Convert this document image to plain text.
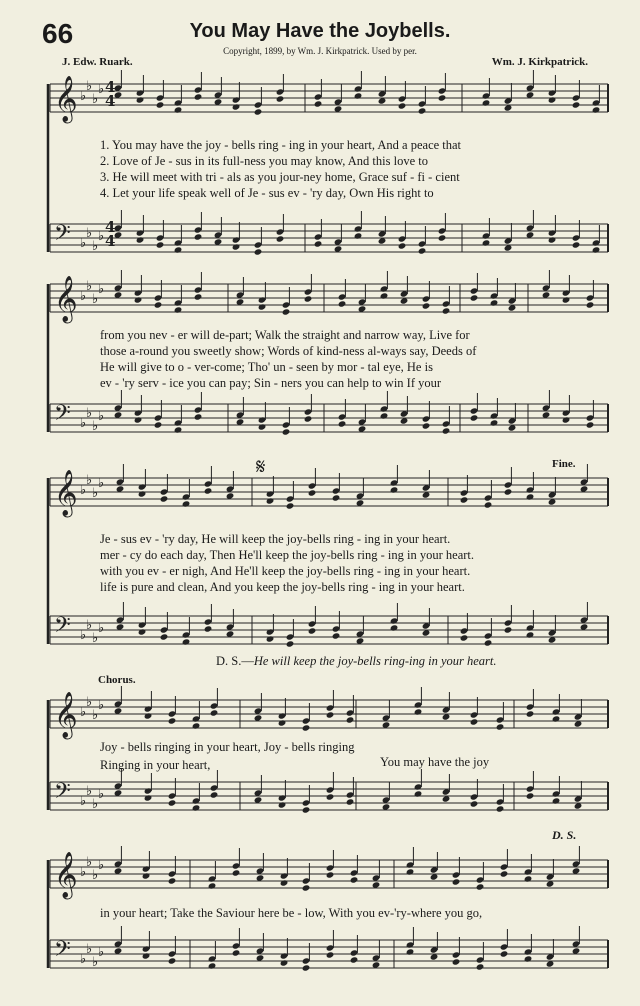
66	You May Have the Joybells.
Copyright, 1899, by Wm. J. Kirkpatrick. Used by per.
J. Edw. Ruark.	Wm. J. Kirkpatrick.
𝄞
𝄢
♭
♭
♭
♭
♭
♭
♭
♭
𝄞
𝄢
♭
♭
♭
♭
♭
♭
♭
♭
𝄞
𝄢
♭
♭
♭
♭
♭
♭
♭
♭
𝄞
𝄢
♭
♭
♭
♭
♭
♭
♭
♭
𝄞
𝄢
♭
♭
♭
♭
♭
♭
♭
♭
4
4
4
4
1. You may have the joy - bells ring - ing in your heart, And a peace that
2. Love of Je - sus in its full-ness you may know, And this love to
3. He will meet with tri - als as you jour-ney home, Grace suf - fi - cient
4. Let your life speak well of Je - sus ev - 'ry day, Own His right to
from you nev - er will de-part; Walk the straight and narrow way, Live for
those a-round you sweetly show; Words of kind-ness al-ways say, Deeds of
He will give to o - ver-come; Tho' un - seen by mor - tal eye, He is
ev - 'ry serv - ice you can pay; Sin - ners you can help to win If your
𝄋	Fine.
Je - sus ev - 'ry day, He will keep the joy-bells ring - ing in your heart.
mer - cy do each day, Then He'll keep the joy-bells ring - ing in your heart.
with you ev - er nigh, And He'll keep the joy-bells ring - ing in your heart.
life is pure and clean, And you keep the joy-bells ring - ing in your heart.
D. S.—He will keep the joy-bells ring-ing in your heart.
Chorus.
Joy - bells ringing in your heart, Joy - bells ringing
Ringing in your heart,	You may have the joy
D. S.
in your heart; Take the Saviour here be - low, With you ev-'ry-where you go,
